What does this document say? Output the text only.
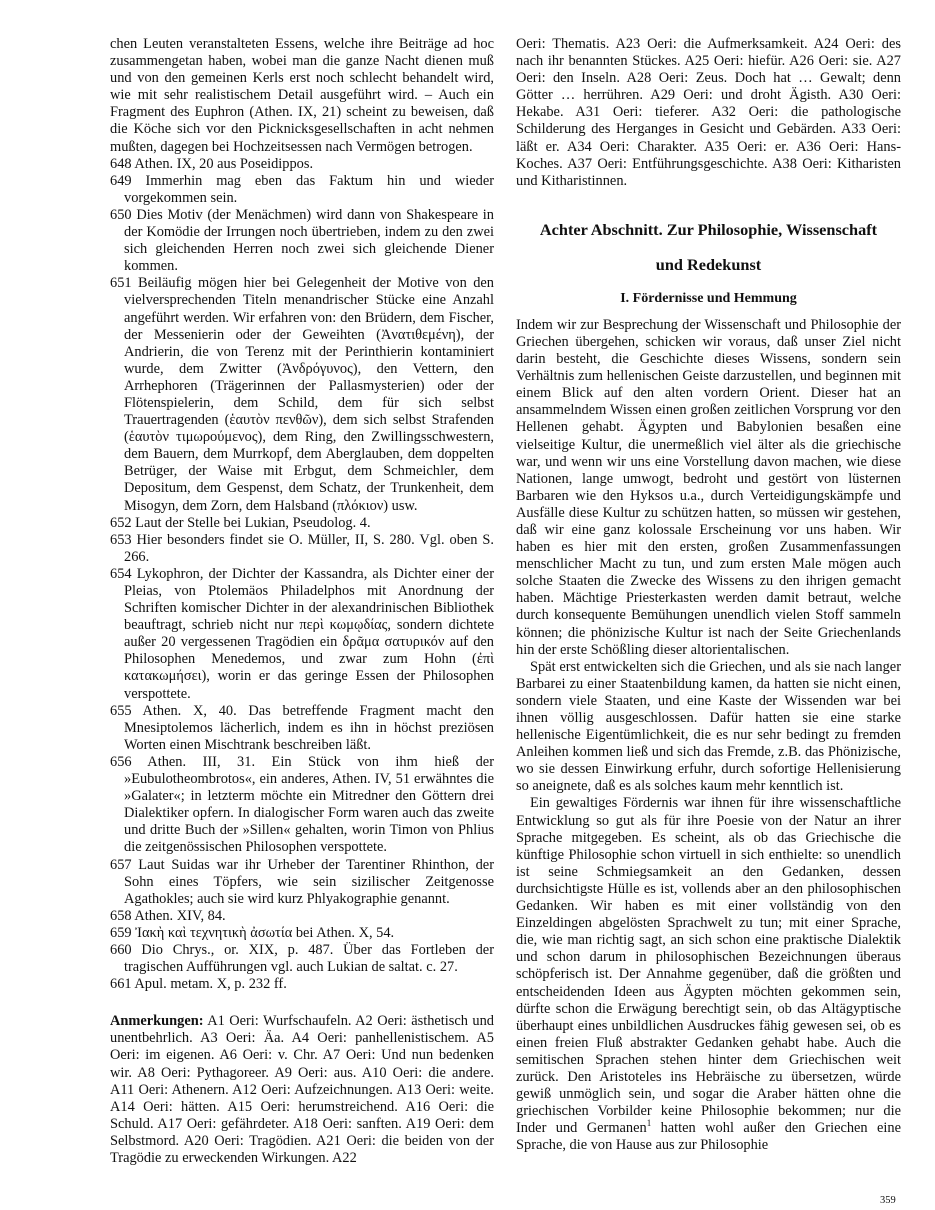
chen Leuten veranstalteten Essens, welche ihre Beiträge ad hoc zusammengetan haben, wobei man die ganze Nacht dienen muß und von den gemeinen Kerls erst noch schlecht behandelt wird, wie mit sehr realistischem Detail ausgeführt wird. – Auch ein Fragment des Euphron (Athen. IX, 21) scheint zu beweisen, daß die Köche sich vor den Picknicksgesellschaften in acht nehmen mußten, dagegen bei Hochzeitsessen nach Vermögen betrogen.

648 Athen. IX, 20 aus Poseidippos.

649 Immerhin mag eben das Faktum hin und wieder vorgekommen sein.

650 Dies Motiv (der Menächmen) wird dann von Shakespeare in der Komödie der Irrungen noch übertrieben, indem zu den zwei sich gleichenden Herren noch zwei sich gleichende Diener kommen.

651 Beiläufig mögen hier bei Gelegenheit der Motive von den vielversprechenden Titeln menandrischer Stücke eine Anzahl angeführt werden. Wir erfahren von: den Brüdern, dem Fischer, der Messenierin oder der Geweihten (Ἀνατιθεμένη), der Andrierin, die von Terenz mit der Perinthierin kontaminiert wurde, dem Zwitter (Ἀνδρόγυνος), den Vettern, den Arrhephoren (Trägerinnen der Pallasmysterien) oder der Flötenspielerin, dem Schild, dem für sich selbst Trauertragenden (ἑαυτὸν πενθῶν), dem sich selbst Strafenden (ἑαυτὸν τιμωρούμενος), dem Ring, den Zwillingsschwestern, dem Bauern, dem Murrkopf, dem Aberglauben, dem doppelten Betrüger, der Waise mit Erbgut, dem Schmeichler, dem Depositum, dem Gespenst, dem Schatz, der Trunkenheit, dem Misogyn, dem Zorn, dem Halsband (πλόκιον) usw.

652 Laut der Stelle bei Lukian, Pseudolog. 4.

653 Hier besonders findet sie O. Müller, II, S. 280. Vgl. oben S. 266.

654 Lykophron, der Dichter der Kassandra, als Dichter einer der Pleias, von Ptolemäos Philadelphos mit Anordnung der Schriften komischer Dichter in der alexandrinischen Bibliothek beauftragt, schrieb nicht nur περὶ κωμῳδίας, sondern dichtete außer 20 vergessenen Tragödien ein δρᾶμα σατυρικόν auf den Philosophen Menedemos, und zwar zum Hohn (ἐπὶ κατακωμήσει), worin er das geringe Essen der Philosophen verspottete.

655 Athen. X, 40. Das betreffende Fragment macht den Mnesiptolemos lächerlich, indem es ihn in höchst preziösen Worten einen Mischtrank beschreiben läßt.

656 Athen. III, 31. Ein Stück von ihm hieß der »Eubulotheombrotos«, ein anderes, Athen. IV, 51 erwähntes die »Galater«; in letzterm möchte ein Mitredner den Göttern drei Dialektiker opfern. In dialogischer Form waren auch das zweite und dritte Buch der »Sillen« gehalten, worin Timon von Phlius die zeitgenössischen Philosophen verspottete.

657 Laut Suidas war ihr Urheber der Tarentiner Rhinthon, der Sohn eines Töpfers, wie sein sizilischer Zeitgenosse Agathokles; auch sie wird kurz Phlyakographie genannt.

658 Athen. XIV, 84.

659 Ἰακὴ καὶ τεχνητικὴ ἀσωτία bei Athen. X, 54.

660 Dio Chrys., or. XIX, p. 487. Über das Fortleben der tragischen Aufführungen vgl. auch Lukian de saltat. c. 27.

661 Apul. metam. X, p. 232 ff.

Anmerkungen: A1 Oeri: Wurfschaufeln. A2 Oeri: ästhetisch und unentbehrlich. A3 Oeri: Äa. A4 Oeri: panhellenistischem. A5 Oeri: im eigenen. A6 Oeri: v. Chr. A7 Oeri: Und nun bedenken wir. A8 Oeri: Pythagoreer. A9 Oeri: aus. A10 Oeri: die andere. A11 Oeri: Athenern. A12 Oeri: Aufzeichnungen. A13 Oeri: weite. A14 Oeri: hätten. A15 Oeri: herumstreichend. A16 Oeri: die Schuld. A17 Oeri: gefährdeter. A18 Oeri: sanften. A19 Oeri: dem Selbstmord. A20 Oeri: Tragödien. A21 Oeri: die beiden von der Tragödie zu erweckenden Wirkungen. A22

Oeri: Thematis. A23 Oeri: die Aufmerksamkeit. A24 Oeri: des nach ihr benannten Stückes. A25 Oeri: hiefür. A26 Oeri: sie. A27 Oeri: den Inseln. A28 Oeri: Zeus. Doch hat … Gewalt; denn Götter … herrühren. A29 Oeri: und droht Ägisth. A30 Oeri: Hekabe. A31 Oeri: tieferer. A32 Oeri: die pathologische Schilderung des Herganges in Gesicht und Gebärden. A33 Oeri: läßt er. A34 Oeri: Charakter. A35 Oeri: er. A36 Oeri: Hans-Koches. A37 Oeri: Entführungsgeschichte. A38 Oeri: Kitharisten und Kitharistinnen.

Achter Abschnitt. Zur Philosophie, Wissenschaft
und Redekunst
I. Fördernisse und Hemmung

Indem wir zur Besprechung der Wissenschaft und Philosophie der Griechen übergehen, schicken wir voraus, daß unser Ziel nicht darin besteht, die Geschichte dieses Wissens, sondern sein Verhältnis zum hellenischen Geiste darzustellen, und beginnen mit einem Blick auf den alten vordern Orient. Dieser hat an ansammelndem Wissen einen großen zeitlichen Vorsprung vor den Hellenen gehabt. Ägypten und Babylonien besaßen eine vielseitige Kultur, die unermeßlich viel älter als die griechische war, und wenn wir uns eine Vorstellung davon machen, wie diese Nationen, lange umwogt, bedroht und gestört von lüsternen Barbaren wie den Hyksos u.a., durch Verteidigungskämpfe und Ausfälle diese Kultur zu schützen hatten, so müssen wir gestehen, daß wir eine ganz kolossale Erscheinung vor uns haben. Wir haben es hier mit den ersten, großen Zusammenfassungen menschlicher Macht zu tun, und zum ersten Male mögen auch solche Staaten die Zwecke des Wissens zu den ihrigen gemacht haben. Mächtige Priesterkasten werden damit betraut, welche durch konsequente Bemühungen unendlich vielen Stoff sammeln können; die phönizische Kultur ist nach der Seite Griechenlands hin der erste Schößling dieser altorientalischen.

Spät erst entwickelten sich die Griechen, und als sie nach langer Barbarei zu einer Staatenbildung kamen, da hatten sie nicht einen, sondern viele Staaten, und eine Kaste der Wissenden war bei ihnen völlig ausgeschlossen. Dafür hatten sie eine starke hellenische Eigentümlichkeit, die es nur sehr bedingt zu fremden Anleihen kommen ließ und sich das Fremde, z.B. das Phönizische, wo sie dessen Einwirkung erfuhr, durch sofortige Hellenisierung so aneignete, daß es als solches kaum mehr kenntlich ist.

Ein gewaltiges Fördernis war ihnen für ihre wissenschaftliche Entwicklung so gut als für ihre Poesie von der Natur an ihrer Sprache mitgegeben. Es scheint, als ob das Griechische die künftige Philosophie schon virtuell in sich enthielte: so unendlich ist seine Schmiegsamkeit an den Gedanken, dessen durchsichtigste Hülle es ist, vollends aber an den philosophischen Gedanken. Wir haben es mit einer vollständig von den Einzeldingen abgelösten Sprachwelt zu tun; mit einer Sprache, die, wie man richtig sagt, an sich schon eine praktische Dialektik und schon darum in philosophischen Bezeichnungen überaus schöpferisch ist. Der Annahme gegenüber, daß die größten und entscheidenden Ideen aus Ägypten möchten gekommen sein, dürfte schon die Erwägung berechtigt sein, ob das Altägyptische überhaupt eines unbildlichen Ausdruckes fähig gewesen sei, ob es einen freien Fluß abstrakter Gedanken gehabt habe. Auch die semitischen Sprachen stehen hinter dem Griechischen weit zurück. Den Aristoteles ins Hebräische zu übersetzen, würde gewiß unmöglich sein, und sogar die Araber hätten ohne die griechischen Vorbilder keine Philosophie bekommen; nur die Inder und Germanen$^1$ hatten wohl außer den Griechen eine Sprache, die von Hause aus zur Philosophie

359
